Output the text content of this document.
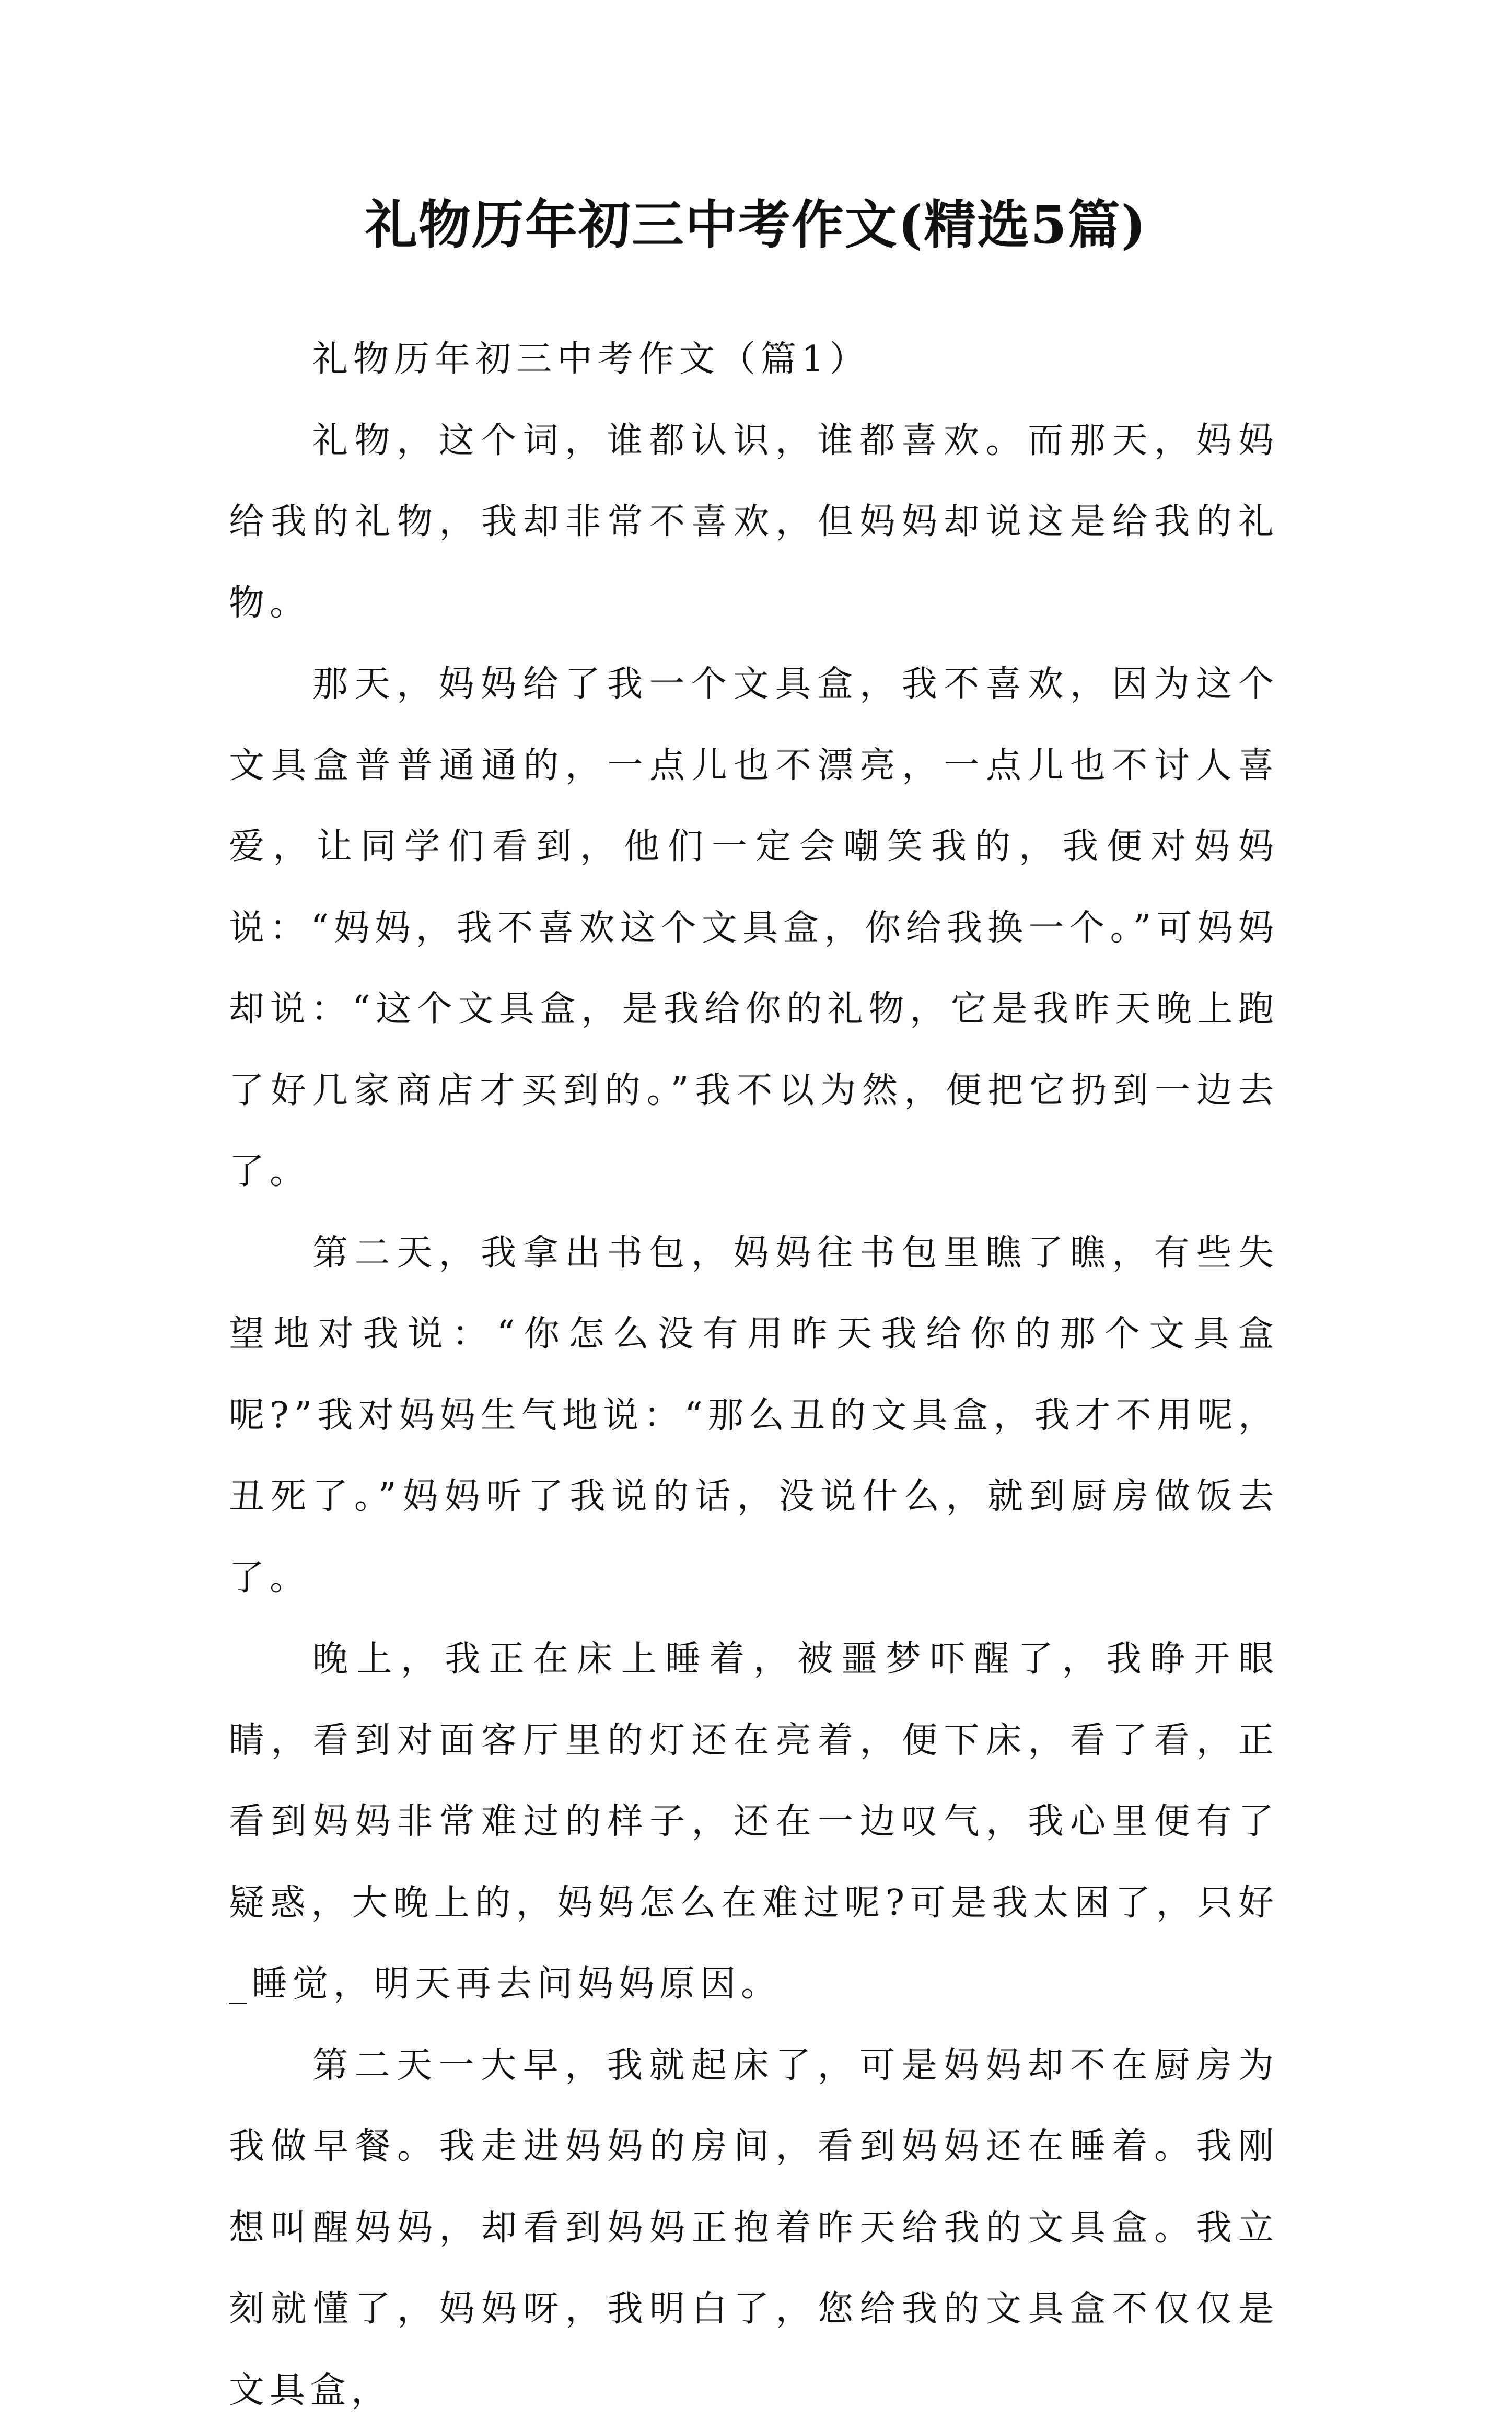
礼物历年初三中考作文(精选5篇)

礼物历年初三中考作文（篇1）

礼物，这个词，谁都认识，谁都喜欢。而那天，妈妈给我的礼物，我却非常不喜欢，但妈妈却说这是给我的礼物。

那天，妈妈给了我一个文具盒，我不喜欢，因为这个文具盒普普通通的，一点儿也不漂亮，一点儿也不讨人喜爱，让同学们看到，他们一定会嘲笑我的，我便对妈妈说：“妈妈，我不喜欢这个文具盒，你给我换一个。”可妈妈却说：“这个文具盒，是我给你的礼物，它是我昨天晚上跑了好几家商店才买到的。”我不以为然，便把它扔到一边去了。

第二天，我拿出书包，妈妈往书包里瞧了瞧，有些失望地对我说：“你怎么没有用昨天我给你的那个文具盒呢?”我对妈妈生气地说：“那么丑的文具盒，我才不用呢，丑死了。”妈妈听了我说的话，没说什么，就到厨房做饭去了。

晚上，我正在床上睡着，被噩梦吓醒了，我睁开眼睛，看到对面客厅里的灯还在亮着，便下床，看了看，正看到妈妈非常难过的样子，还在一边叹气，我心里便有了疑惑，大晚上的，妈妈怎么在难过呢?可是我太困了，只好_睡觉，明天再去问妈妈原因。

第二天一大早，我就起床了，可是妈妈却不在厨房为我做早餐。我走进妈妈的房间，看到妈妈还在睡着。我刚想叫醒妈妈，却看到妈妈正抱着昨天给我的文具盒。我立刻就懂了，妈妈呀，我明白了，您给我的文具盒不仅仅是文具盒，
